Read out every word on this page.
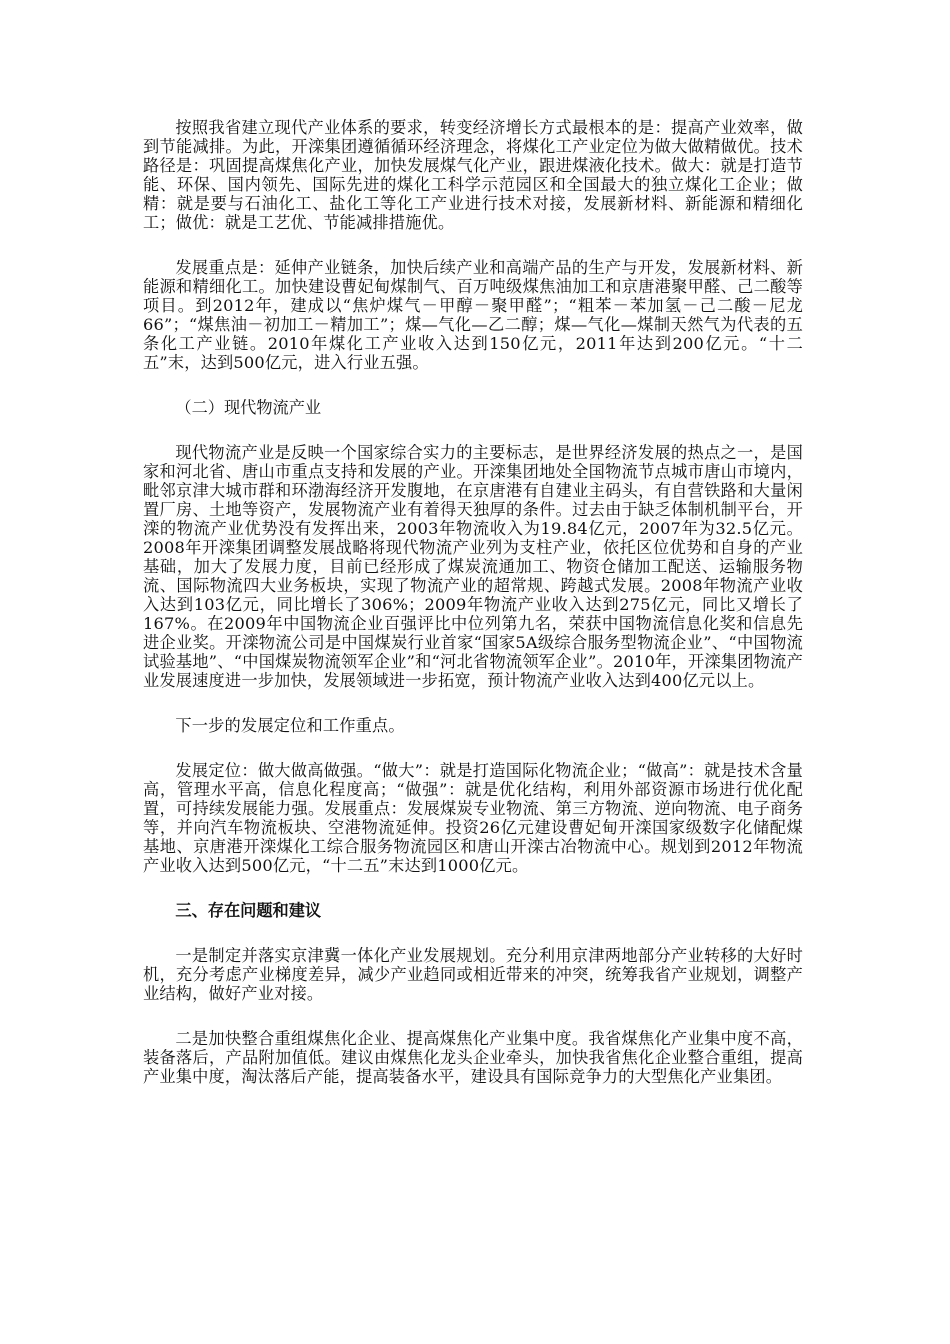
按照我省建立现代产业体系的要求，转变经济增长方式最根本的是：提高产业效率，做到节能减排。为此，开滦集团遵循循环经济理念，将煤化工产业定位为做大做精做优。技术路径是：巩固提高煤焦化产业，加快发展煤气化产业，跟进煤液化技术。做大：就是打造节能、环保、国内领先、国际先进的煤化工科学示范园区和全国最大的独立煤化工企业；做精：就是要与石油化工、盐化工等化工产业进行技术对接，发展新材料、新能源和精细化工；做优：就是工艺优、节能减排措施优。

发展重点是：延伸产业链条，加快后续产业和高端产品的生产与开发，发展新材料、新能源和精细化工。加快建设曹妃甸煤制气、百万吨级煤焦油加工和京唐港聚甲醛、己二酸等项目。到2012年，建成以“焦炉煤气－甲醇－聚甲醛”；“粗苯－苯加氢－己二酸－尼龙66”；“煤焦油－初加工－精加工”；煤—气化—乙二醇；煤—气化—煤制天然气为代表的五条化工产业链。2010年煤化工产业收入达到150亿元，2011年达到200亿元。“十二五”末，达到500亿元，进入行业五强。

（二）现代物流产业

现代物流产业是反映一个国家综合实力的主要标志，是世界经济发展的热点之一，是国家和河北省、唐山市重点支持和发展的产业。开滦集团地处全国物流节点城市唐山市境内，毗邻京津大城市群和环渤海经济开发腹地，在京唐港有自建业主码头，有自营铁路和大量闲置厂房、土地等资产，发展物流产业有着得天独厚的条件。过去由于缺乏体制机制平台，开滦的物流产业优势没有发挥出来，2003年物流收入为19.84亿元，2007年为32.5亿元。2008年开滦集团调整发展战略将现代物流产业列为支柱产业，依托区位优势和自身的产业基础，加大了发展力度，目前已经形成了煤炭流通加工、物资仓储加工配送、运输服务物流、国际物流四大业务板块，实现了物流产业的超常规、跨越式发展。2008年物流产业收入达到103亿元，同比增长了306%；2009年物流产业收入达到275亿元，同比又增长了167%。在2009年中国物流企业百强评比中位列第九名，荣获中国物流信息化奖和信息先进企业奖。开滦物流公司是中国煤炭行业首家“国家5A级综合服务型物流企业”、“中国物流试验基地”、“中国煤炭物流领军企业”和“河北省物流领军企业”。2010年，开滦集团物流产业发展速度进一步加快，发展领域进一步拓宽，预计物流产业收入达到400亿元以上。

下一步的发展定位和工作重点。

发展定位：做大做高做强。“做大”：就是打造国际化物流企业；“做高”：就是技术含量高，管理水平高，信息化程度高；“做强”：就是优化结构，利用外部资源市场进行优化配置，可持续发展能力强。发展重点：发展煤炭专业物流、第三方物流、逆向物流、电子商务等，并向汽车物流板块、空港物流延伸。投资26亿元建设曹妃甸开滦国家级数字化储配煤基地、京唐港开滦煤化工综合服务物流园区和唐山开滦古冶物流中心。规划到2012年物流产业收入达到500亿元，“十二五”末达到1000亿元。

三、存在问题和建议

一是制定并落实京津冀一体化产业发展规划。充分利用京津两地部分产业转移的大好时机，充分考虑产业梯度差异，减少产业趋同或相近带来的冲突，统筹我省产业规划，调整产业结构，做好产业对接。

二是加快整合重组煤焦化企业、提高煤焦化产业集中度。我省煤焦化产业集中度不高，装备落后，产品附加值低。建议由煤焦化龙头企业牵头，加快我省焦化企业整合重组，提高产业集中度，淘汰落后产能，提高装备水平，建设具有国际竞争力的大型焦化产业集团。
